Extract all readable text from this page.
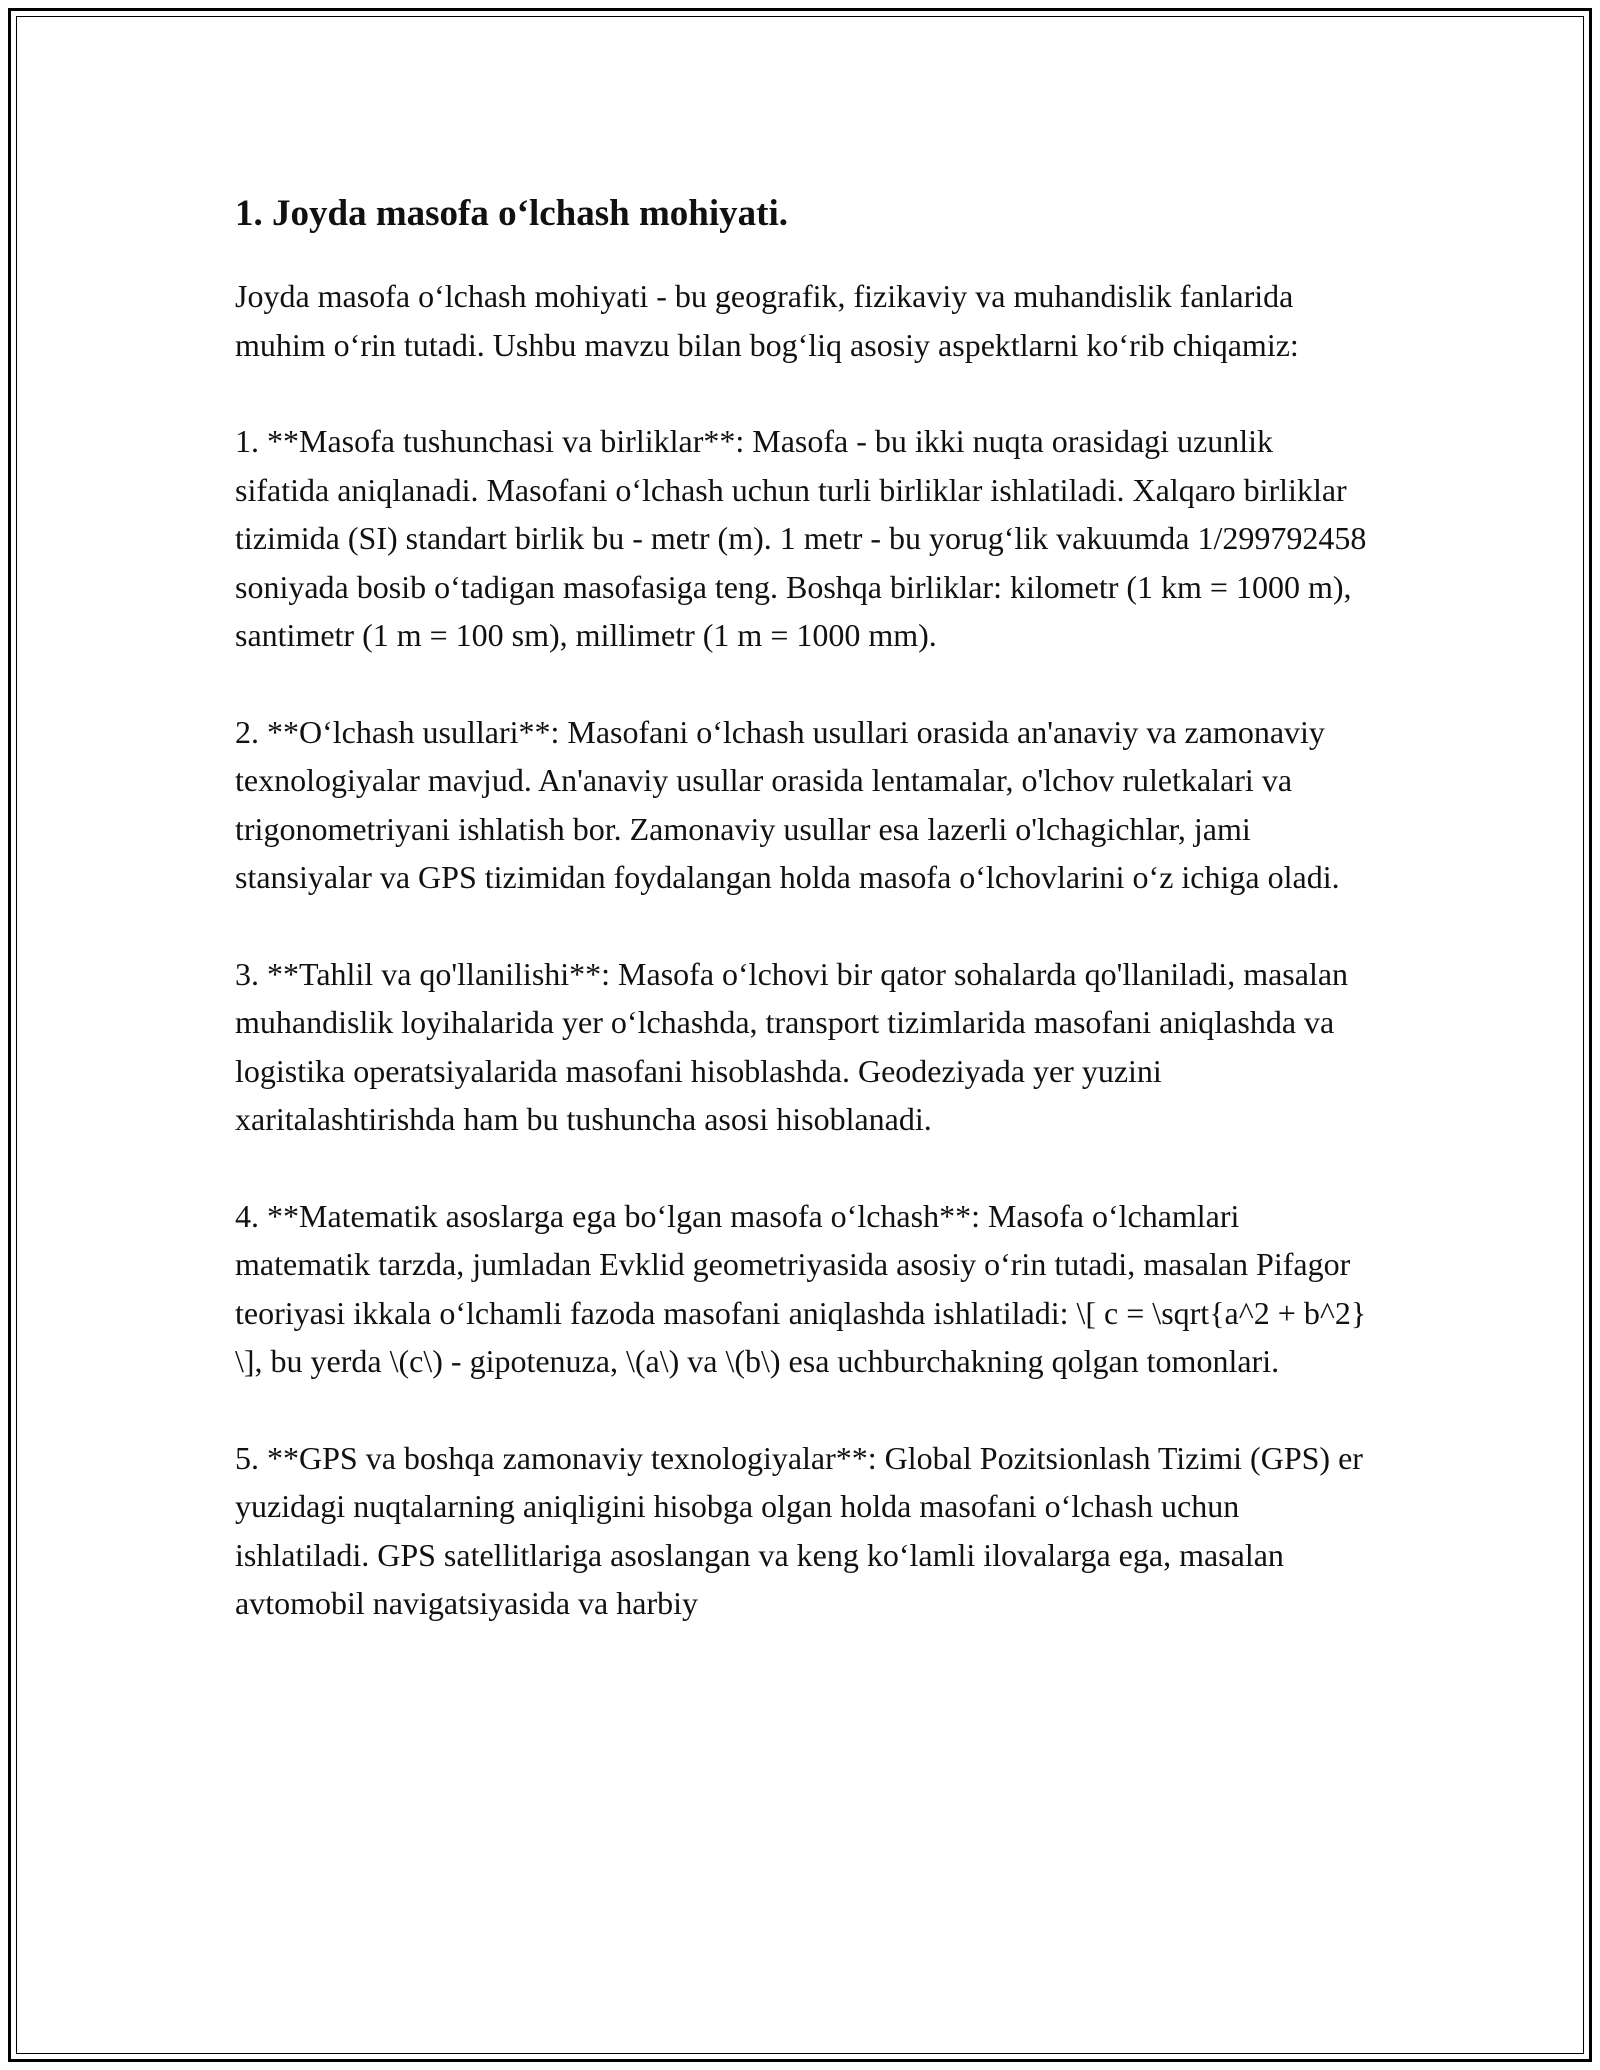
1. Joyda masofa o‘lchash mohiyati.

Joyda masofa o‘lchash mohiyati - bu geografik, fizikaviy va muhandislik fanlarida muhim o‘rin tutadi. Ushbu mavzu bilan bog‘liq asosiy aspektlarni ko‘rib chiqamiz:

1. **Masofa tushunchasi va birliklar**: Masofa - bu ikki nuqta orasidagi uzunlik sifatida aniqlanadi. Masofani o‘lchash uchun turli birliklar ishlatiladi. Xalqaro birliklar tizimida (SI) standart birlik bu - metr (m). 1 metr - bu yorug‘lik vakuumda 1/299792458 soniyada bosib o‘tadigan masofasiga teng. Boshqa birliklar: kilometr (1 km = 1000 m), santimetr (1 m = 100 sm), millimetr (1 m = 1000 mm).

2. **O‘lchash usullari**: Masofani o‘lchash usullari orasida an'anaviy va zamonaviy texnologiyalar mavjud. An'anaviy usullar orasida lentamalar, o'lchov ruletkalari va trigonometriyani ishlatish bor. Zamonaviy usullar esa lazerli o'lchagichlar, jami stansiyalar va GPS tizimidan foydalangan holda masofa o‘lchovlarini o‘z ichiga oladi.

3. **Tahlil va qo'llanilishi**: Masofa o‘lchovi bir qator sohalarda qo'llaniladi, masalan muhandislik loyihalarida yer o‘lchashda, transport tizimlarida masofani aniqlashda va logistika operatsiyalarida masofani hisoblashda. Geodeziyada yer yuzini xaritalashtirishda ham bu tushuncha asosi hisoblanadi.

4. **Matematik asoslarga ega bo‘lgan masofa o‘lchash**: Masofa o‘lchamlari matematik tarzda, jumladan Evklid geometriyasida asosiy o‘rin tutadi, masalan Pifagor teoriyasi ikkala o‘lchamli fazoda masofani aniqlashda ishlatiladi: \[ c = \sqrt{a^2 + b^2} \], bu yerda \(c\) - gipotenuza, \(a\) va \(b\) esa uchburchakning qolgan tomonlari.

5. **GPS va boshqa zamonaviy texnologiyalar**: Global Pozitsionlash Tizimi (GPS) er yuzidagi nuqtalarning aniqligini hisobga olgan holda masofani o‘lchash uchun ishlatiladi. GPS satellitlariga asoslangan va keng ko‘lamli ilovalarga ega, masalan avtomobil navigatsiyasida va harbiy
